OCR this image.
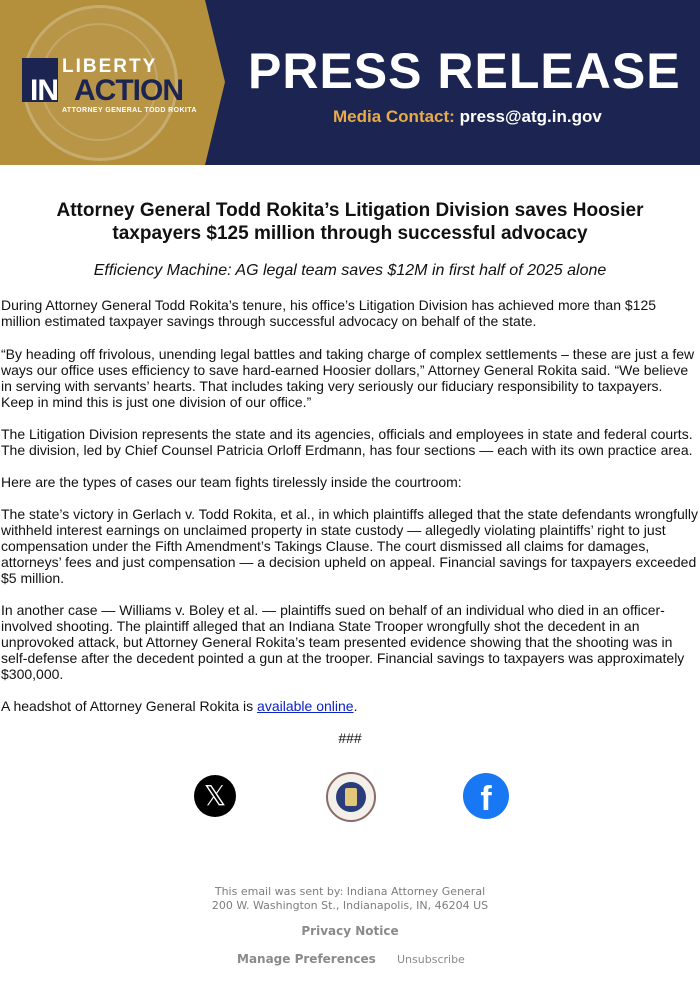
LIBERTY
IN ACTION
ATTORNEY GENERAL TODD ROKITA
PRESS RELEASE
Media Contact: press@atg.in.gov
Attorney General Todd Rokita’s Litigation Division saves Hoosier taxpayers $125 million through successful advocacy
Efficiency Machine: AG legal team saves $12M in first half of 2025 alone

During Attorney General Todd Rokita’s tenure, his office’s Litigation Division has achieved more than $125 million estimated taxpayer savings through successful advocacy on behalf of the state.

“By heading off frivolous, unending legal battles and taking charge of complex settlements – these are just a few ways our office uses efficiency to save hard-earned Hoosier dollars,” Attorney General Rokita said. “We believe in serving with servants’ hearts. That includes taking very seriously our fiduciary responsibility to taxpayers. Keep in mind this is just one division of our office.”

The Litigation Division represents the state and its agencies, officials and employees in state and federal courts. The division, led by Chief Counsel Patricia Orloff Erdmann, has four sections — each with its own practice area.

Here are the types of cases our team fights tirelessly inside the courtroom:

The state’s victory in Gerlach v. Todd Rokita, et al., in which plaintiffs alleged that the state defendants wrongfully withheld interest earnings on unclaimed property in state custody — allegedly violating plaintiffs’ right to just compensation under the Fifth Amendment’s Takings Clause. The court dismissed all claims for damages, attorneys’ fees and just compensation — a decision upheld on appeal. Financial savings for taxpayers exceeded $5 million.

In another case — Williams v. Boley et al. — plaintiffs sued on behalf of an individual who died in an officer-involved shooting. The plaintiff alleged that an Indiana State Trooper wrongfully shot the decedent in an unprovoked attack, but Attorney General Rokita’s team presented evidence showing that the shooting was in self-defense after the decedent pointed a gun at the trooper. Financial savings to taxpayers was approximately $300,000.

A headshot of Attorney General Rokita is available online.

###
𝕏	f
This email was sent by: Indiana Attorney General
200 W. Washington St., Indianapolis, IN, 46204 US
Privacy Notice
Manage Preferences Unsubscribe
